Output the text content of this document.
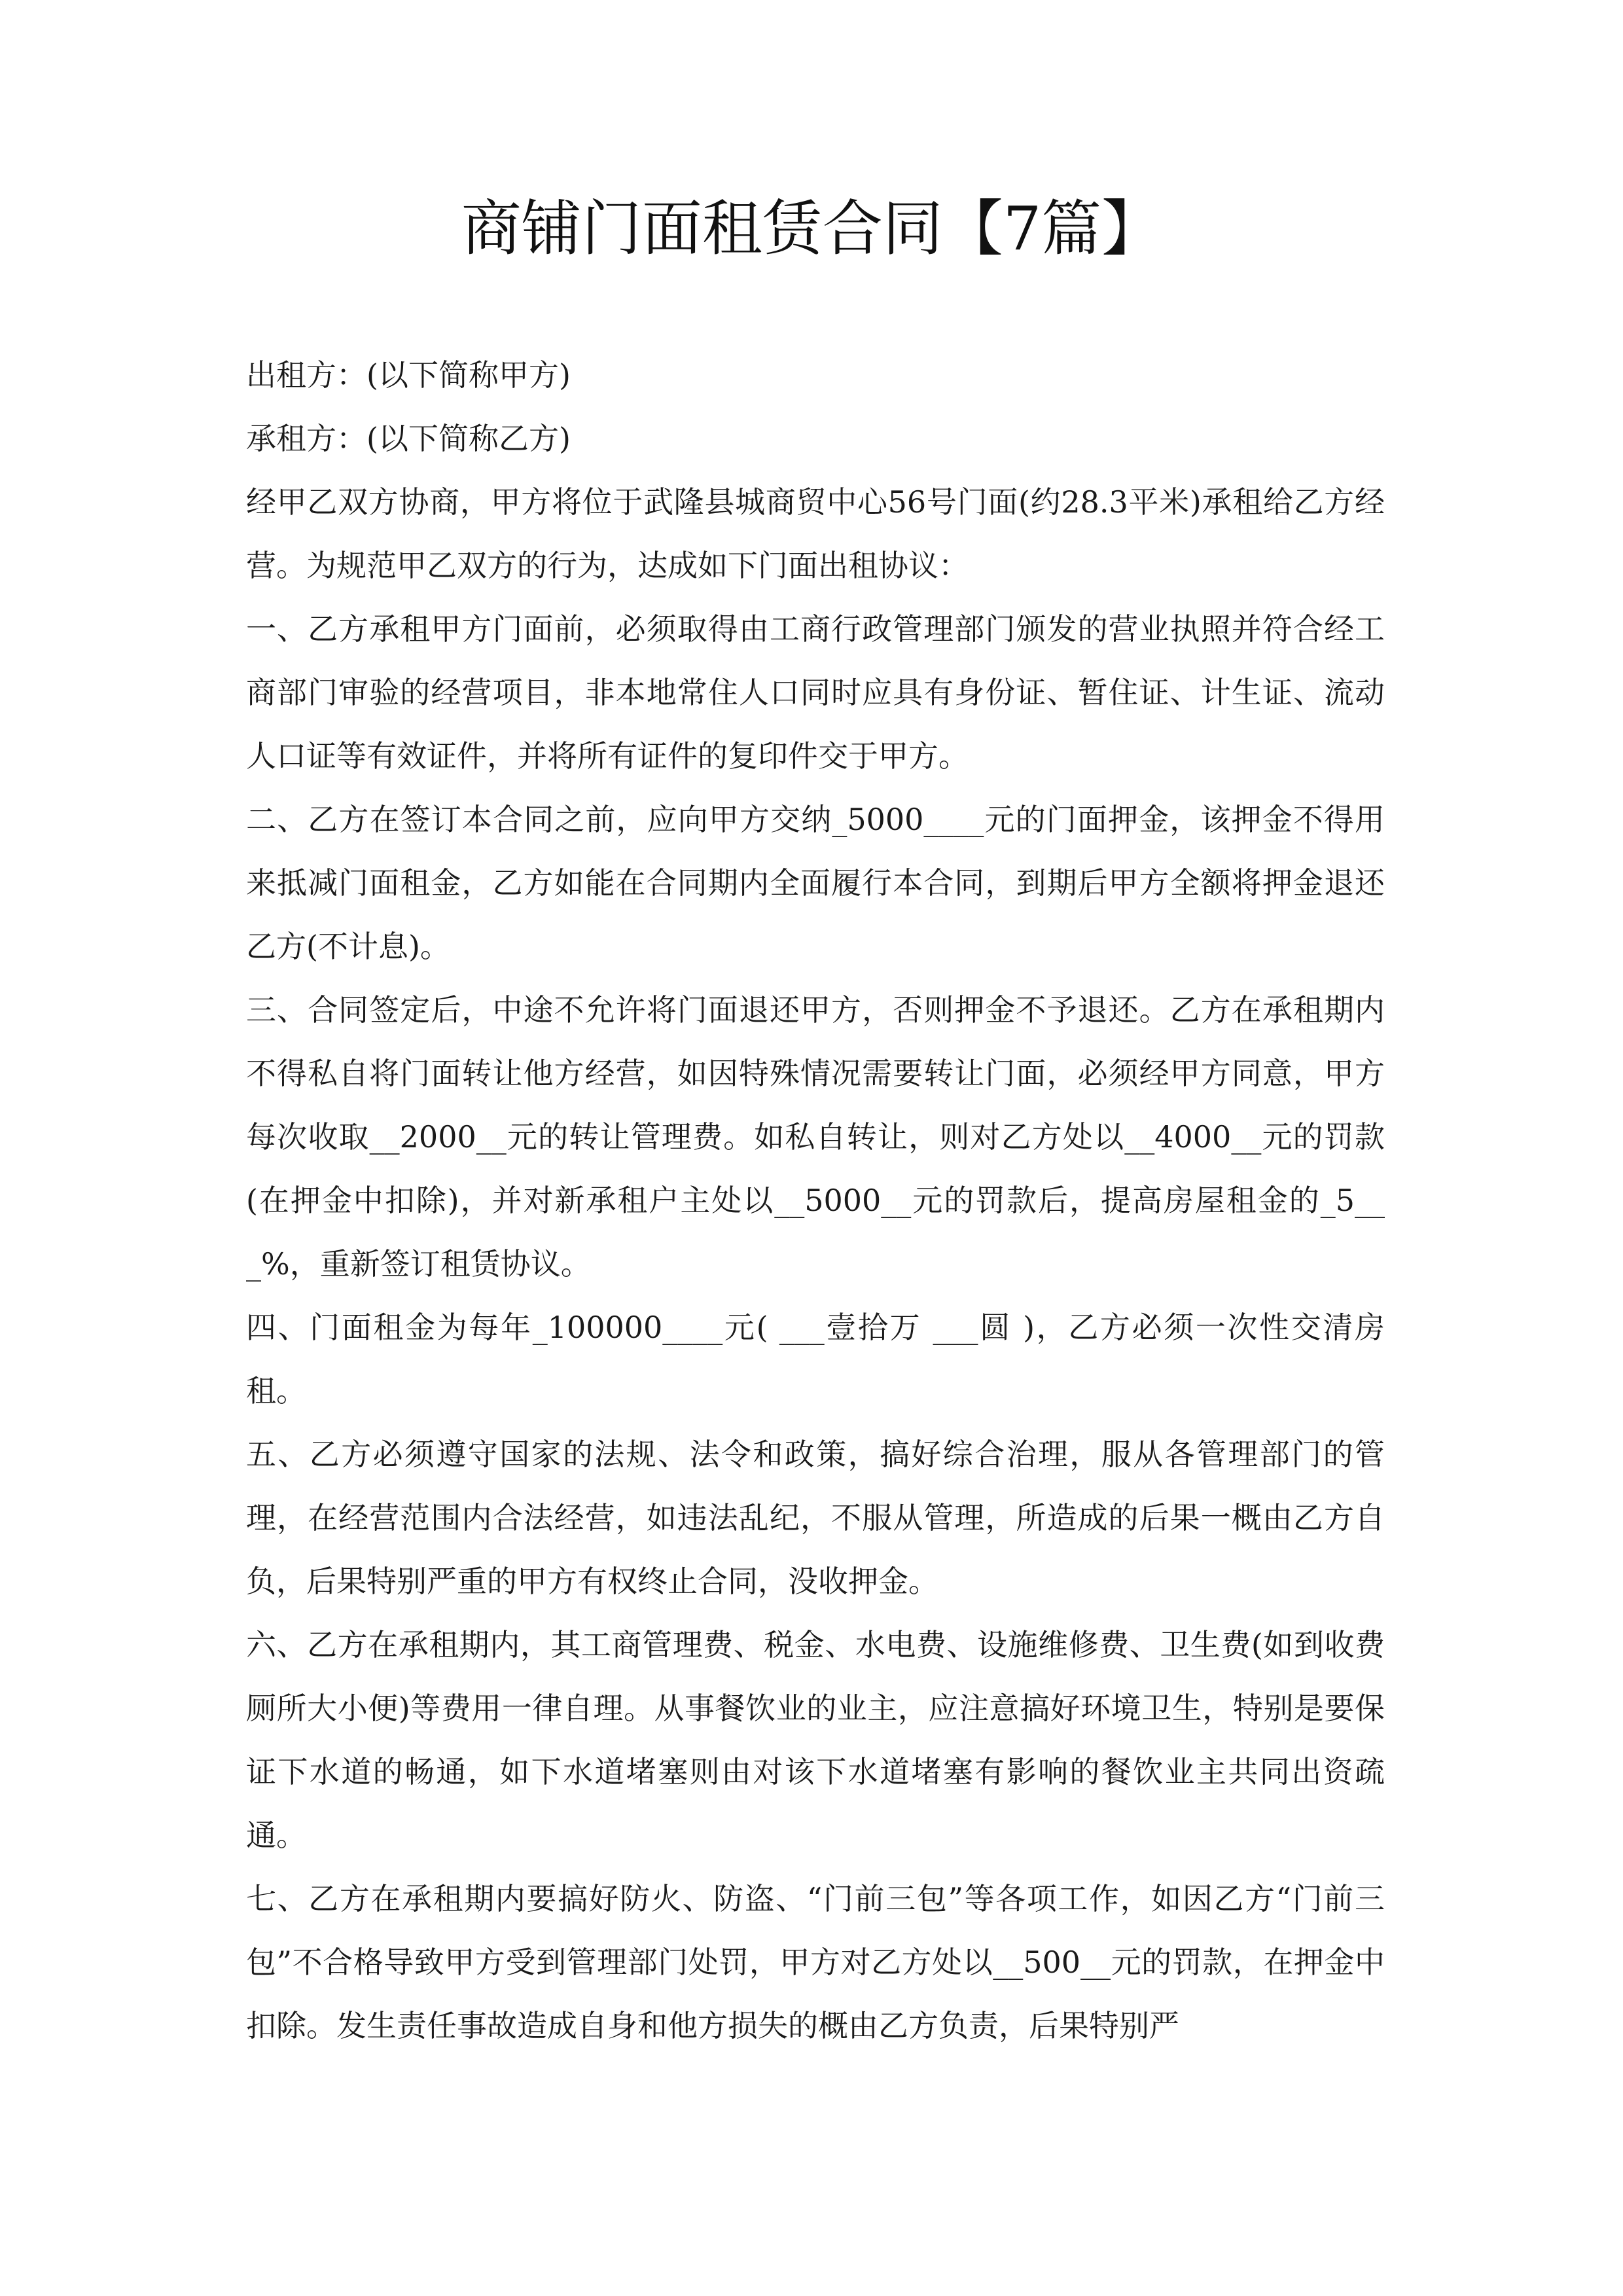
商铺门面租赁合同【7篇】

出租方：(以下简称甲方)

承租方：(以下简称乙方)

经甲乙双方协商，甲方将位于武隆县城商贸中心56号门面(约28.3平米)承租给乙方经营。为规范甲乙双方的行为，达成如下门面出租协议：

一、乙方承租甲方门面前，必须取得由工商行政管理部门颁发的营业执照并符合经工商部门审验的经营项目，非本地常住人口同时应具有身份证、暂住证、计生证、流动人口证等有效证件，并将所有证件的复印件交于甲方。

二、乙方在签订本合同之前，应向甲方交纳_5000____元的门面押金，该押金不得用来抵减门面租金，乙方如能在合同期内全面履行本合同，到期后甲方全额将押金退还乙方(不计息)。

三、合同签定后，中途不允许将门面退还甲方，否则押金不予退还。乙方在承租期内不得私自将门面转让他方经营，如因特殊情况需要转让门面，必须经甲方同意，甲方每次收取__2000__元的转让管理费。如私自转让，则对乙方处以__4000__元的罚款(在押金中扣除)，并对新承租户主处以__5000__元的罚款后，提高房屋租金的_5___%，重新签订租赁协议。

四、门面租金为每年_100000____元( ___壹拾万 ___圆 )，乙方必须一次性交清房租。

五、乙方必须遵守国家的法规、法令和政策，搞好综合治理，服从各管理部门的管理，在经营范围内合法经营，如违法乱纪，不服从管理，所造成的后果一概由乙方自负，后果特别严重的甲方有权终止合同，没收押金。

六、乙方在承租期内，其工商管理费、税金、水电费、设施维修费、卫生费(如到收费厕所大小便)等费用一律自理。从事餐饮业的业主，应注意搞好环境卫生，特别是要保证下水道的畅通，如下水道堵塞则由对该下水道堵塞有影响的餐饮业主共同出资疏通。

七、乙方在承租期内要搞好防火、防盗、“门前三包”等各项工作，如因乙方“门前三包”不合格导致甲方受到管理部门处罚，甲方对乙方处以__500__元的罚款，在押金中扣除。发生责任事故造成自身和他方损失的概由乙方负责，后果特别严
